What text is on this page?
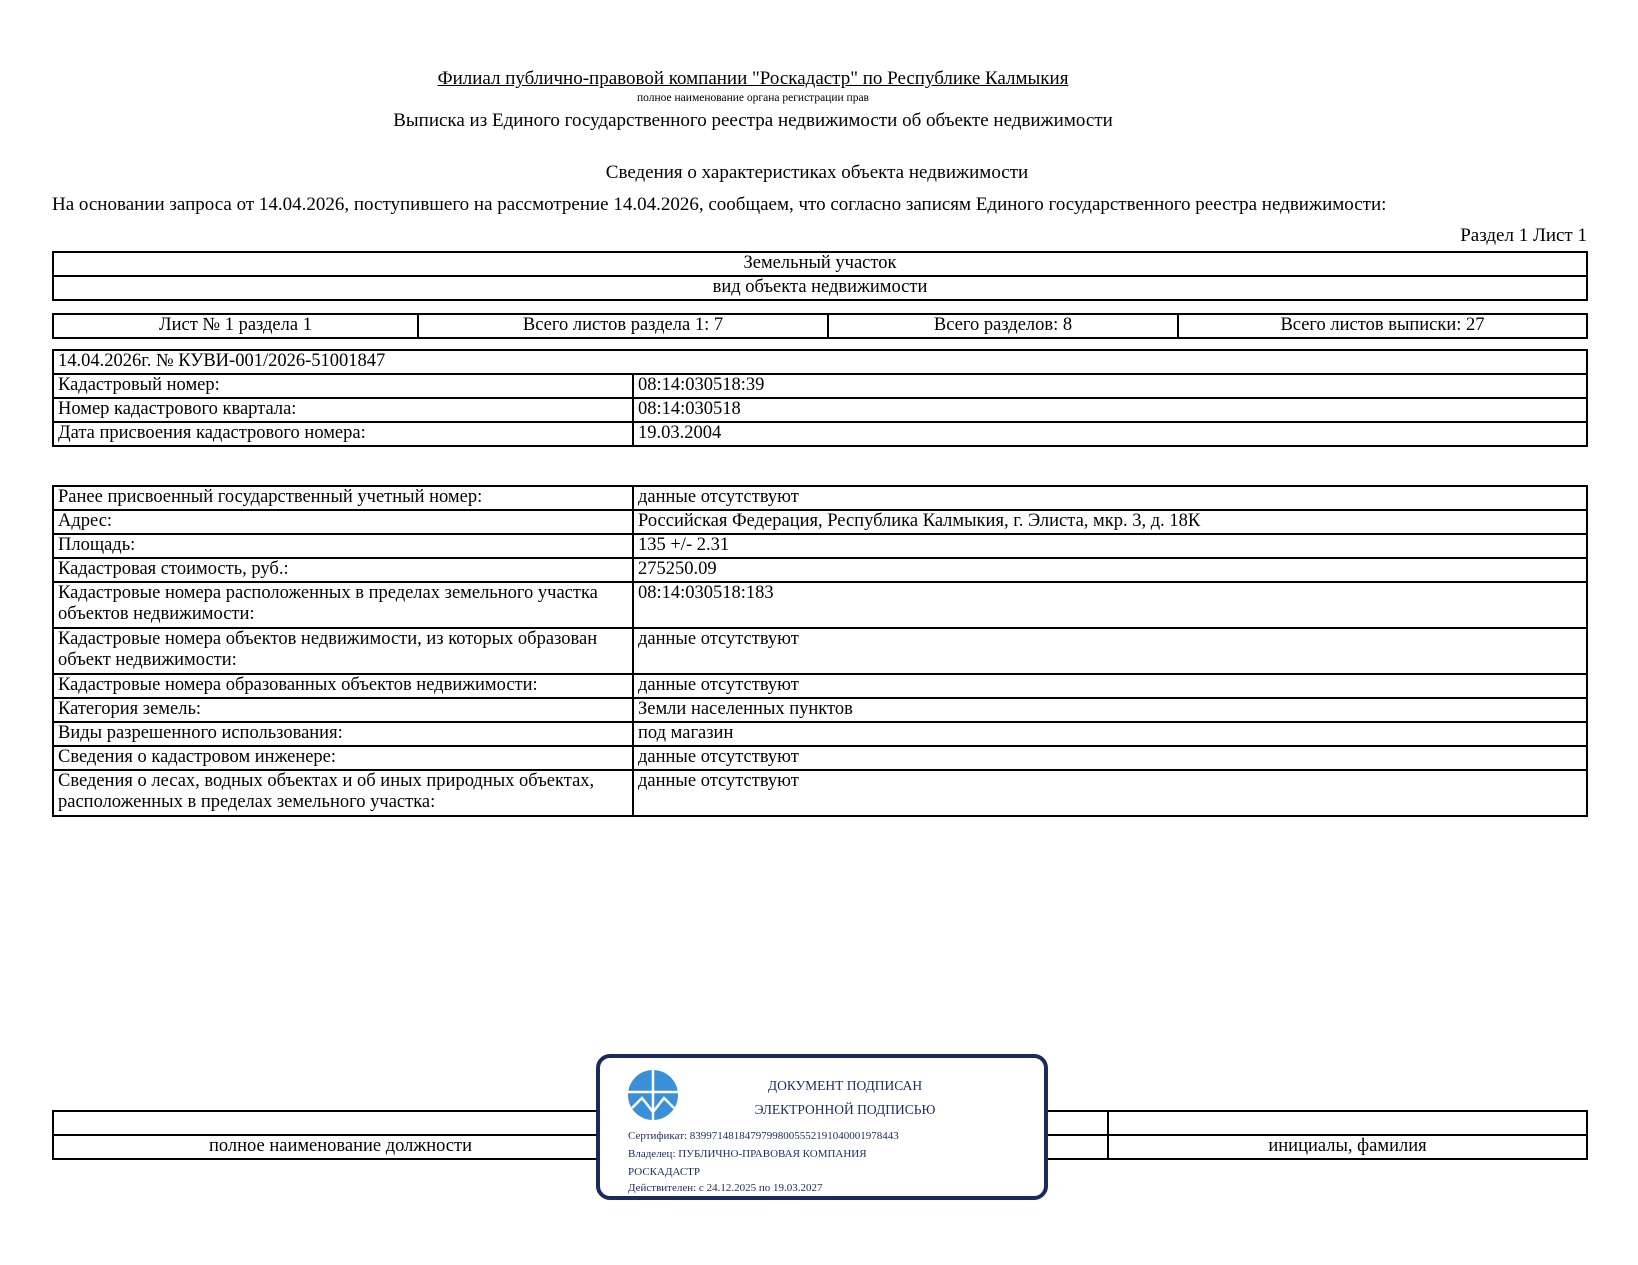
Филиал публично-правовой компании "Роскадастр" по Республике Калмыкия
полное наименование органа регистрации прав
Выписка из Единого государственного реестра недвижимости об объекте недвижимости
Сведения о характеристиках объекта недвижимости
На основании запроса от 14.04.2026, поступившего на рассмотрение 14.04.2026, сообщаем, что согласно записям Единого государственного реестра недвижимости:
Раздел 1 Лист 1
Земельный участок
вид объекта недвижимости
Лист № 1 раздела 1	Всего листов раздела 1: 7	Всего разделов: 8	Всего листов выписки: 27
14.04.2026г. № КУВИ-001/2026-51001847	
Кадастровый номер:	08:14:030518:39
Номер кадастрового квартала:	08:14:030518
Дата присвоения кадастрового номера:	19.03.2004
Ранее присвоенный государственный учетный номер:	данные отсутствуют
Адрес:	Российская Федерация, Республика Калмыкия, г. Элиста, мкр. 3, д. 18К
Площадь:	135 +/- 2.31
Кадастровая стоимость, руб.:	275250.09
Кадастровые номера расположенных в пределах земельного участка объектов недвижимости:	08:14:030518:183
Кадастровые номера объектов недвижимости, из которых образован объект недвижимости:	данные отсутствуют
Кадастровые номера образованных объектов недвижимости:	данные отсутствуют
Категория земель:	Земли населенных пунктов
Виды разрешенного использования:	под магазин
Сведения о кадастровом инженере:	данные отсутствуют
Сведения о лесах, водных объектах и об иных природных объектах, расположенных в пределах земельного участка:	данные отсутствуют

полное наименование должности		инициалы, фамилия
ДОКУМЕНТ ПОДПИСАН
ЭЛЕКТРОННОЙ ПОДПИСЬЮ
Сертификат: 83997148184797998005552191040001978443
Владелец: ПУБЛИЧНО-ПРАВОВАЯ КОМПАНИЯ
РОСКАДАСТР
Действителен: с 24.12.2025 по 19.03.2027
